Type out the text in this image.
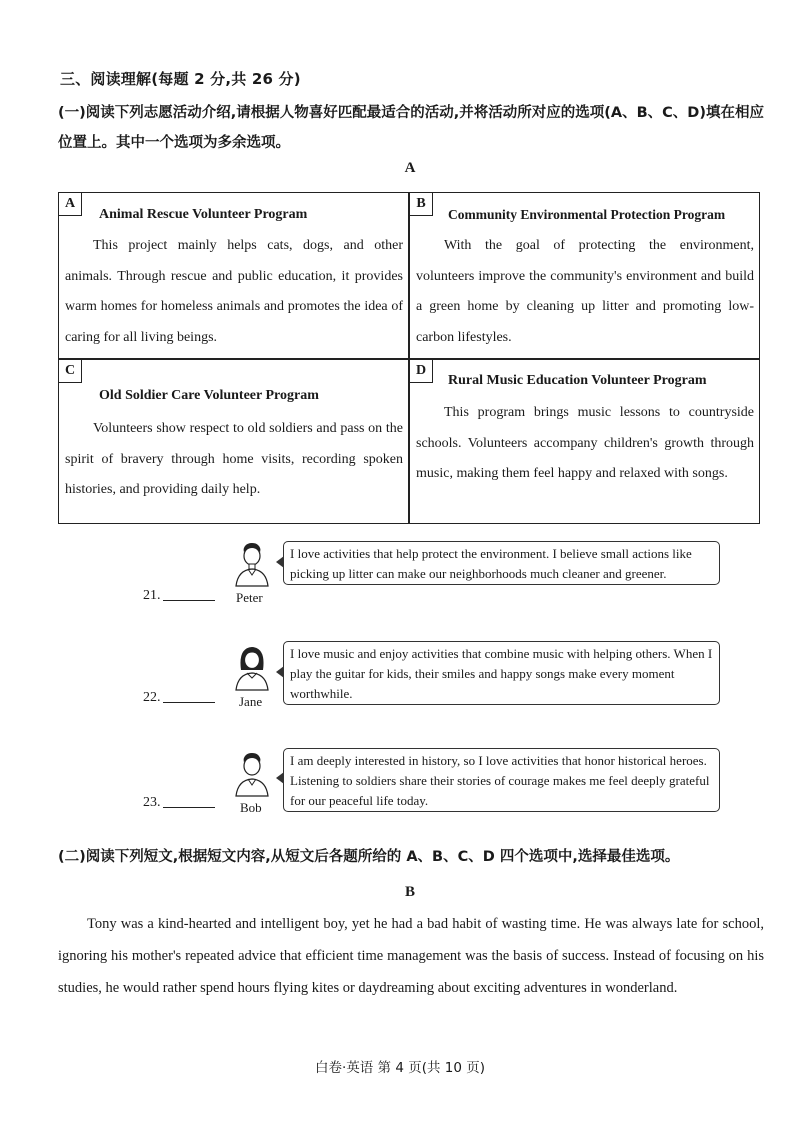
三、阅读理解(每题 2 分,共 26 分)
(一)阅读下列志愿活动介绍,请根据人物喜好匹配最适合的活动,并将活动所对应的选项(A、B、C、D)填在相应位置上。其中一个选项为多余选项。
A
A
Animal Rescue Volunteer Program
This project mainly helps cats, dogs, and other animals. Through rescue and public education, it provides warm homes for homeless animals and promotes the idea of caring for all living beings.
B
Community Environmental Protection Program
With the goal of protecting the environment, volunteers improve the community's environment and build a green home by cleaning up litter and promoting low-carbon lifestyles.
C
Old Soldier Care Volunteer Program
Volunteers show respect to old soldiers and pass on the spirit of bravery through home visits, recording spoken histories, and providing daily help.
D
Rural Music Education Volunteer Program
This program brings music lessons to countryside schools. Volunteers accompany children's growth through music, making them feel happy and relaxed with songs.
21.	Peter
I love activities that help protect the environment. I believe small actions like picking up litter can make our neighborhoods much cleaner and greener.
22.	Jane
I love music and enjoy activities that combine music with helping others. When I play the guitar for kids, their smiles and happy songs make every moment worthwhile.
23.	Bob
I am deeply interested in history, so I love activities that honor historical heroes. Listening to soldiers share their stories of courage makes me feel deeply grateful for our peaceful life today.
(二)阅读下列短文,根据短文内容,从短文后各题所给的 A、B、C、D 四个选项中,选择最佳选项。
B
Tony was a kind-hearted and intelligent boy, yet he had a bad habit of wasting time. He was always late for school, ignoring his mother's repeated advice that efficient time management was the basis of success. Instead of focusing on his studies, he would rather spend hours flying kites or daydreaming about exciting adventures in wonderland.
白卷·英语 第 4 页(共 10 页)
